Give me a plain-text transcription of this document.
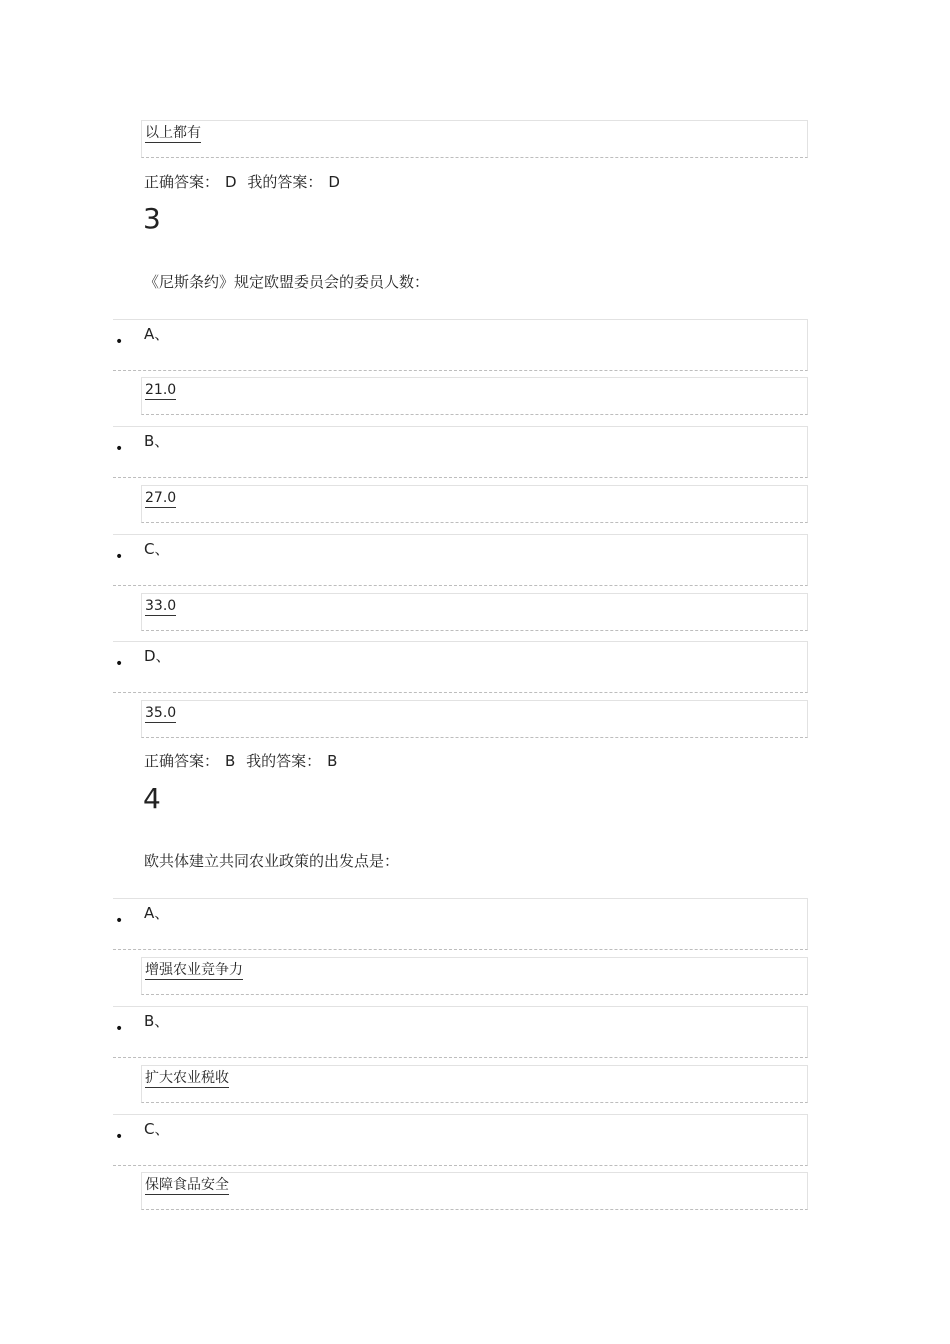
以上都有
正确答案： D 我的答案： D
3
《尼斯条约》规定欧盟委员会的委员人数：
• A、
21.0
• B、
27.0
• C、
33.0
• D、
35.0
正确答案： B 我的答案： B
4
欧共体建立共同农业政策的出发点是：
• A、
增强农业竞争力
• B、
扩大农业税收
• C、
保障食品安全
